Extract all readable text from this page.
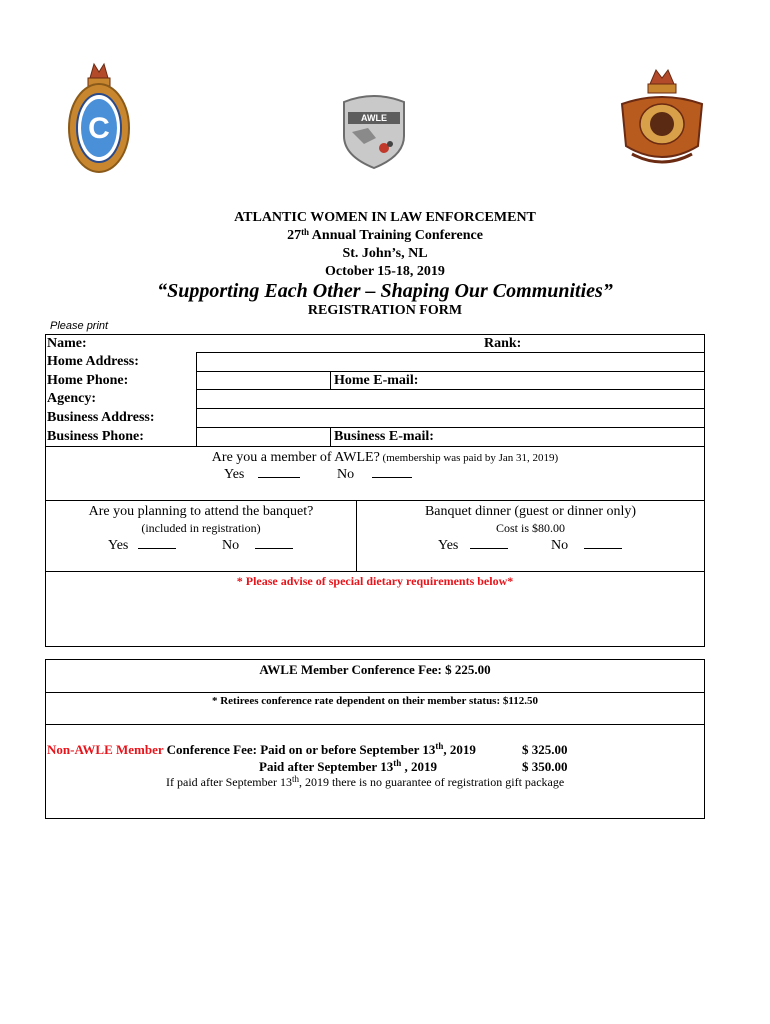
C	AWLE
ATLANTIC WOMEN IN LAW ENFORCEMENT
27th Annual Training Conference
St. John’s, NL
October 15-18, 2019
“Supporting Each Other – Shaping Our Communities”
REGISTRATION FORM
Please print
Name:	Rank:
Home Address:
Home Phone:	Home E-mail:
Agency:
Business Address:
Business Phone:	Business E-mail:
Are you a member of AWLE? (membership was paid by Jan 31, 2019)
Yes	No
Are you planning to attend the banquet?
(included in registration)
Yes	No
Banquet dinner (guest or dinner only)
Cost is $80.00
Yes	No
* Please advise of special dietary requirements below*
AWLE Member Conference Fee: $ 225.00
* Retirees conference rate dependent on their member status: $112.50
Non-AWLE Member Conference Fee: Paid on or before September 13th, 2019	$ 325.00
Paid after September 13th , 2019	$ 350.00
If paid after September 13th, 2019 there is no guarantee of registration gift package
